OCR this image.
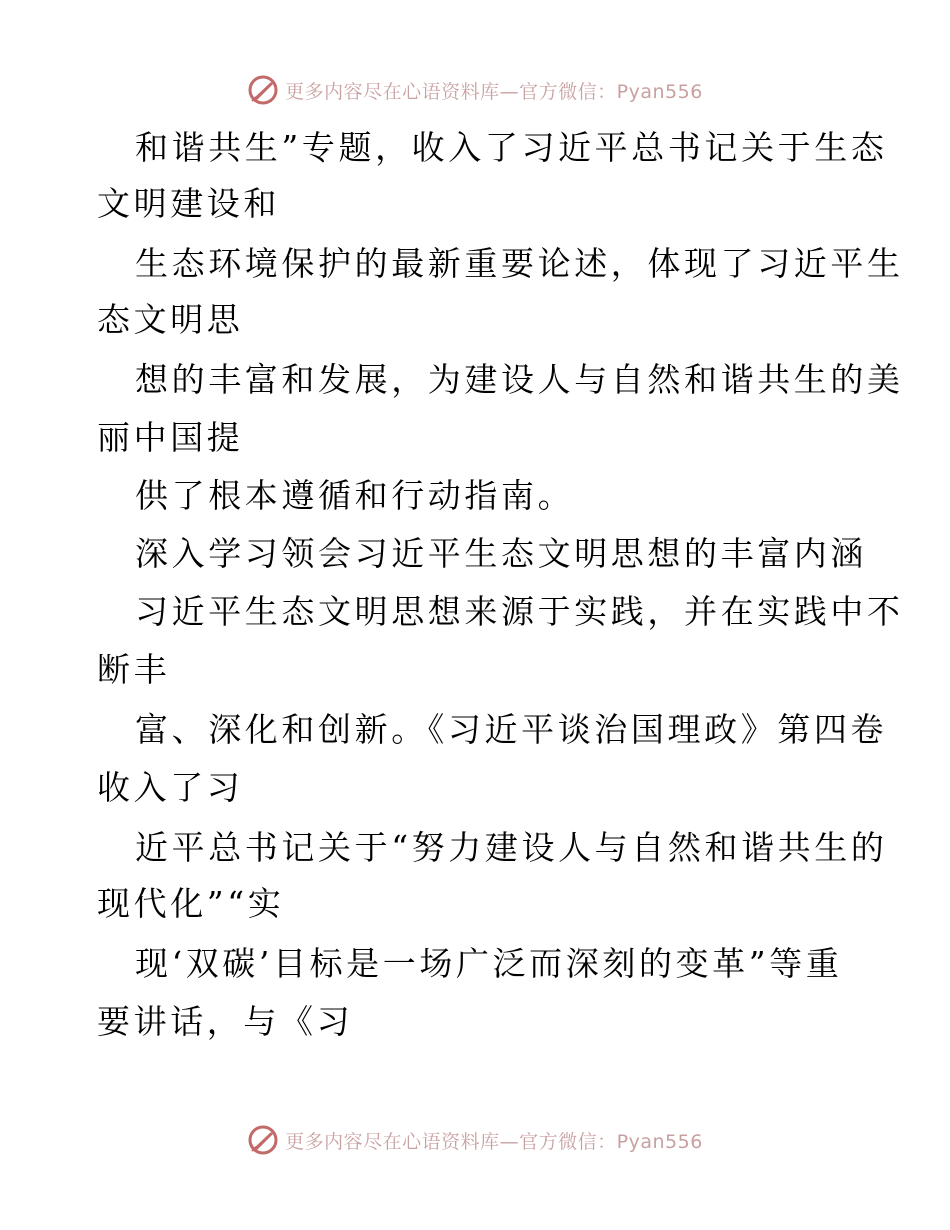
更多内容尽在心语资料库—官方微信：Pyan556
和谐共生”专题，收入了习近平总书记关于生态
文明建设和
生态环境保护的最新重要论述，体现了习近平生
态文明思
想的丰富和发展，为建设人与自然和谐共生的美
丽中国提
供了根本遵循和行动指南。
深入学习领会习近平生态文明思想的丰富内涵
习近平生态文明思想来源于实践，并在实践中不
断丰
富、深化和创新。《习近平谈治国理政》第四卷
收入了习
近平总书记关于“努力建设人与自然和谐共生的
现代化”“实
现‘双碳’目标是一场广泛而深刻的变革”等重
要讲话，与《习
更多内容尽在心语资料库—官方微信：Pyan556
